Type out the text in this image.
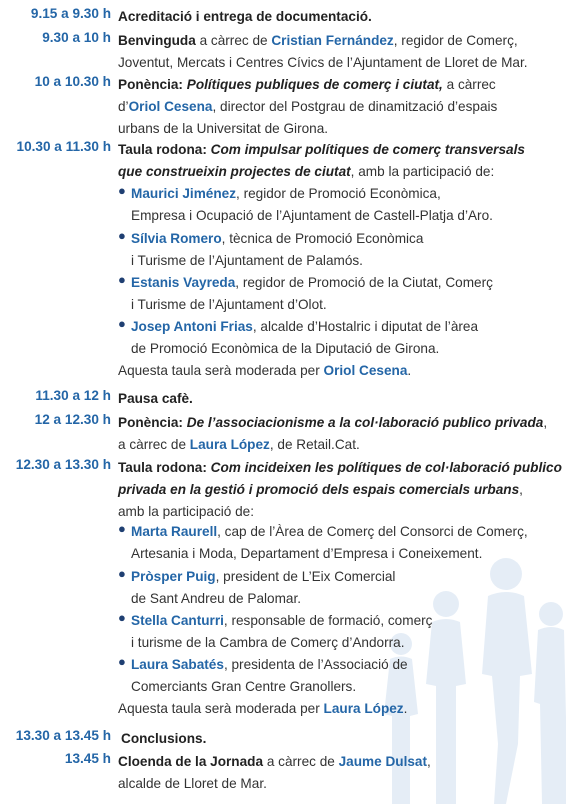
9.15 a 9.30 h Acreditació i entrega de documentació.
9.30 a 10 h Benvinguda a càrrec de Cristian Fernández, regidor de Comerç,
Joventut, Mercats i Centres Cívics de l’Ajuntament de Lloret de Mar.
10 a 10.30 h Ponència: Polítiques publiques de comerç i ciutat, a càrrec
d’Oriol Cesena, director del Postgrau de dinamització d’espais
urbans de la Universitat de Girona.
10.30 a 11.30 h Taula rodona: Com impulsar polítiques de comerç transversals
que construeixin projectes de ciutat, amb la participació de:
● Maurici Jiménez, regidor de Promoció Econòmica,
Empresa i Ocupació de l’Ajuntament de Castell-Platja d’Aro.
● Sílvia Romero, tècnica de Promoció Econòmica
i Turisme de l’Ajuntament de Palamós.
● Estanis Vayreda, regidor de Promoció de la Ciutat, Comerç
i Turisme de l’Ajuntament d’Olot.
● Josep Antoni Frias, alcalde d’Hostalric i diputat de l’àrea
de Promoció Econòmica de la Diputació de Girona.
Aquesta taula serà moderada per Oriol Cesena.
11.30 a 12 h Pausa cafè.
12 a 12.30 h Ponència: De l’associacionisme a la col·laboració publico privada,
a càrrec de Laura López, de Retail.Cat.
12.30 a 13.30 h Taula rodona: Com incideixen les polítiques de col·laboració publico
privada en la gestió i promoció dels espais comercials urbans,
amb la participació de:
● Marta Raurell, cap de l’Àrea de Comerç del Consorci de Comerç,
Artesania i Moda, Departament d’Empresa i Coneixement.
● Pròsper Puig, president de L’Eix Comercial
de Sant Andreu de Palomar.
● Stella Canturri, responsable de formació, comerç
i turisme de la Cambra de Comerç d’Andorra.
● Laura Sabatés, presidenta de l’Associació de
Comerciants Gran Centre Granollers.
Aquesta taula serà moderada per Laura López.
13.30 a 13.45 h Conclusions.
13.45 h Cloenda de la Jornada a càrrec de Jaume Dulsat,
alcalde de Lloret de Mar.
